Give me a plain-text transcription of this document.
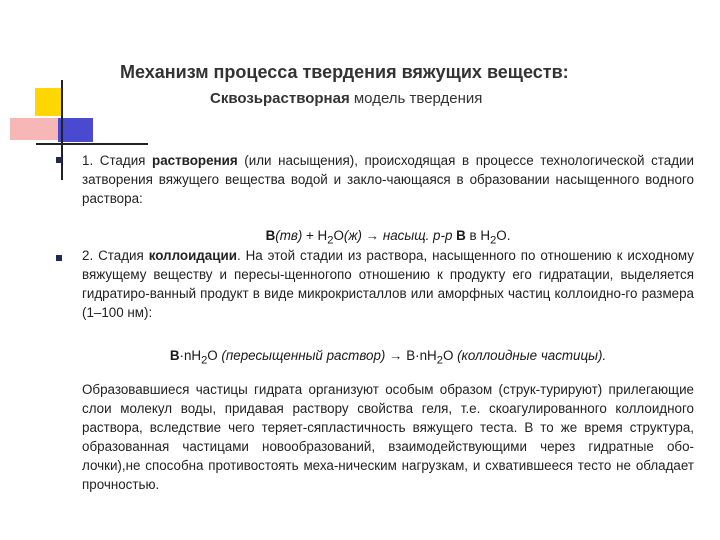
Механизм процесса твердения вяжущих веществ:
Сквозьрастворная модель твердения
1. Стадия растворения (или насыщения), происходящая в процессе технологической стадии затворения вяжущего вещества водой и закло-чающаяся в образовании насыщенного водного раствора:
$В(тв) + Н_2О(ж)$ → насыщ. р-р В в $Н_2О$.
2. Стадия коллоидации. На этой стадии из раствора, насыщенного по отношению к исходному вяжущему веществу и пересы-щенногопо отношению к продукту его гидратации, выделяется гидратиро-ванный продукт в виде микрокристаллов или аморфных частиц коллоидно-го размера (1–100 нм):
$В\cdot nН_2О$ (пересыщенный раствор) → $В\cdot nН_2О$ (коллоидные частицы).
Образовавшиеся частицы гидрата организуют особым образом (струк-турируют) прилегающие слои молекул воды, придавая раствору свойства геля, т.е. скоагулированного коллоидного раствора, вследствие чего теряет-сяпластичность вяжущего теста. В то же время структура, образованная частицами новообразований, взаимодействующими через гидратные обо-лочки),не способна противостоять меха-ническим нагрузкам, и схватившееся тесто не обладает прочностью.
